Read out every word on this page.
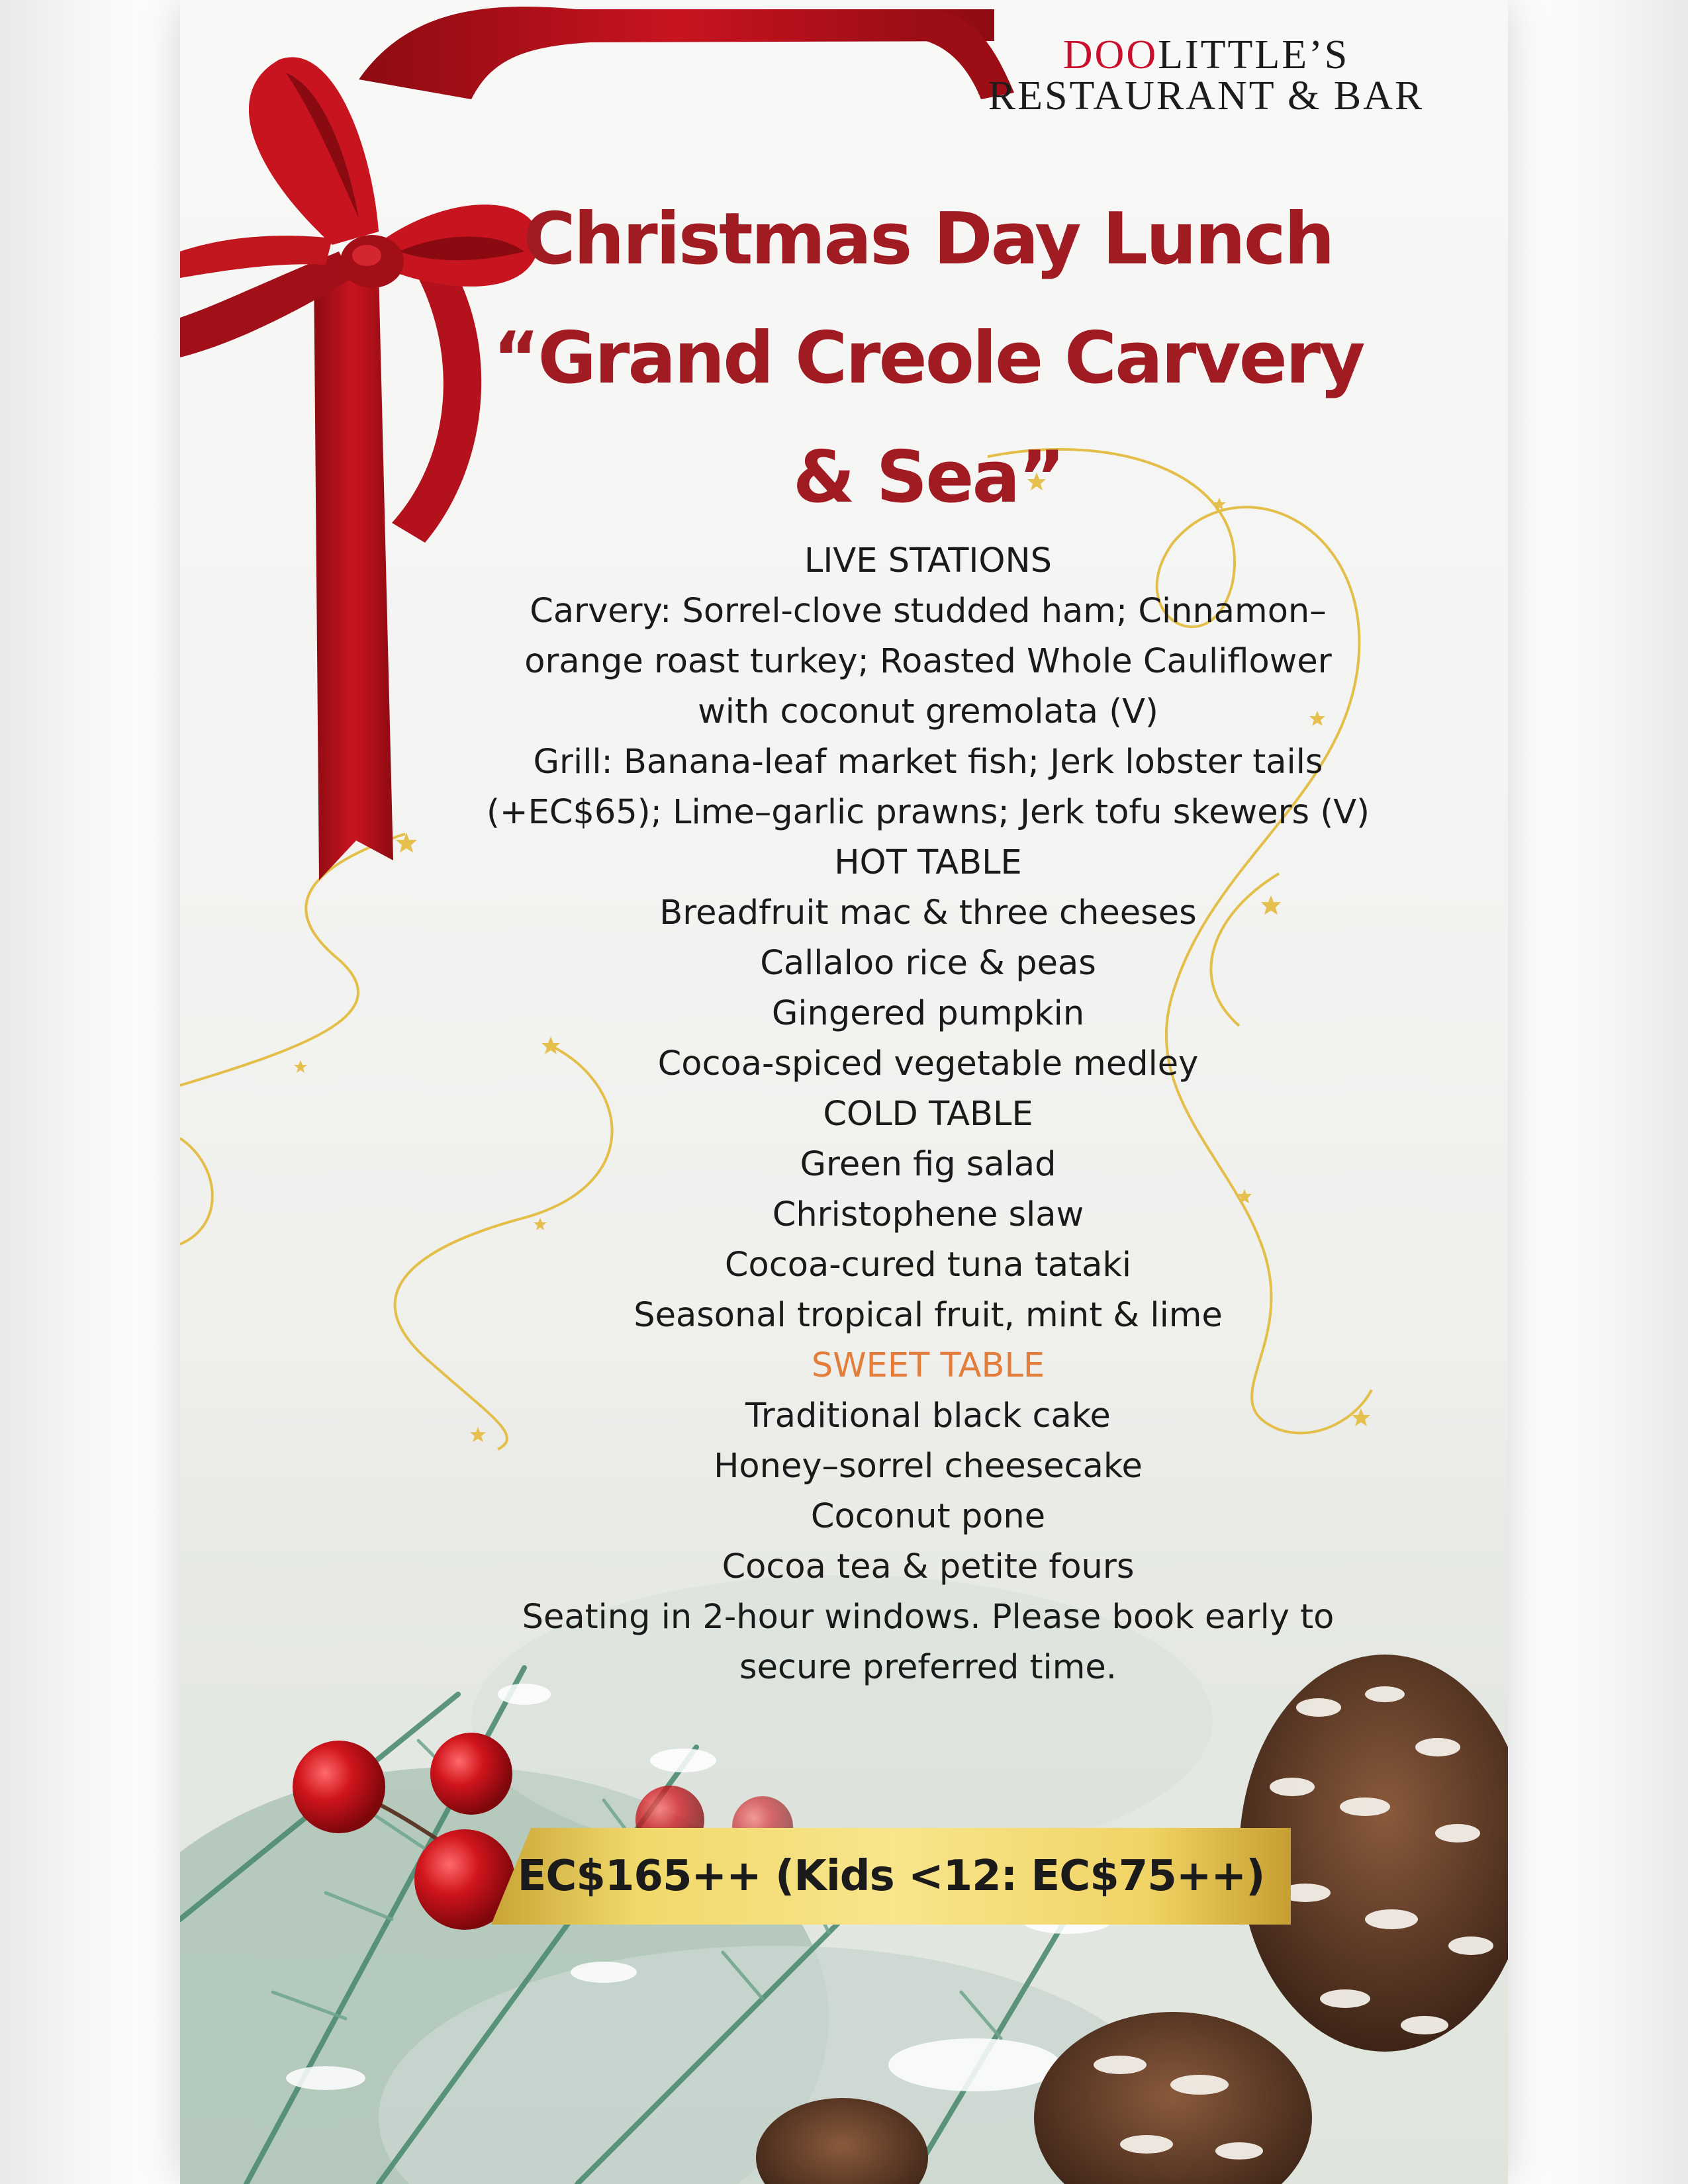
DOOLITTLE’S
RESTAURANT & BAR
Christmas Day Lunch
“Grand Creole Carvery
& Sea”
LIVE STATIONS
Carvery: Sorrel-clove studded ham; Cinnamon–
orange roast turkey; Roasted Whole Cauliflower
with coconut gremolata (V)
Grill: Banana-leaf market fish; Jerk lobster tails
(+EC$65); Lime–garlic prawns; Jerk tofu skewers (V)
HOT TABLE
Breadfruit mac & three cheeses
Callaloo rice & peas
Gingered pumpkin
Cocoa-spiced vegetable medley
COLD TABLE
Green fig salad
Christophene slaw
Cocoa-cured tuna tataki
Seasonal tropical fruit, mint & lime
SWEET TABLE
Traditional black cake
Honey–sorrel cheesecake
Coconut pone
Cocoa tea & petite fours
Seating in 2-hour windows. Please book early to
secure preferred time.
EC$165++ (Kids <12: EC$75++)
